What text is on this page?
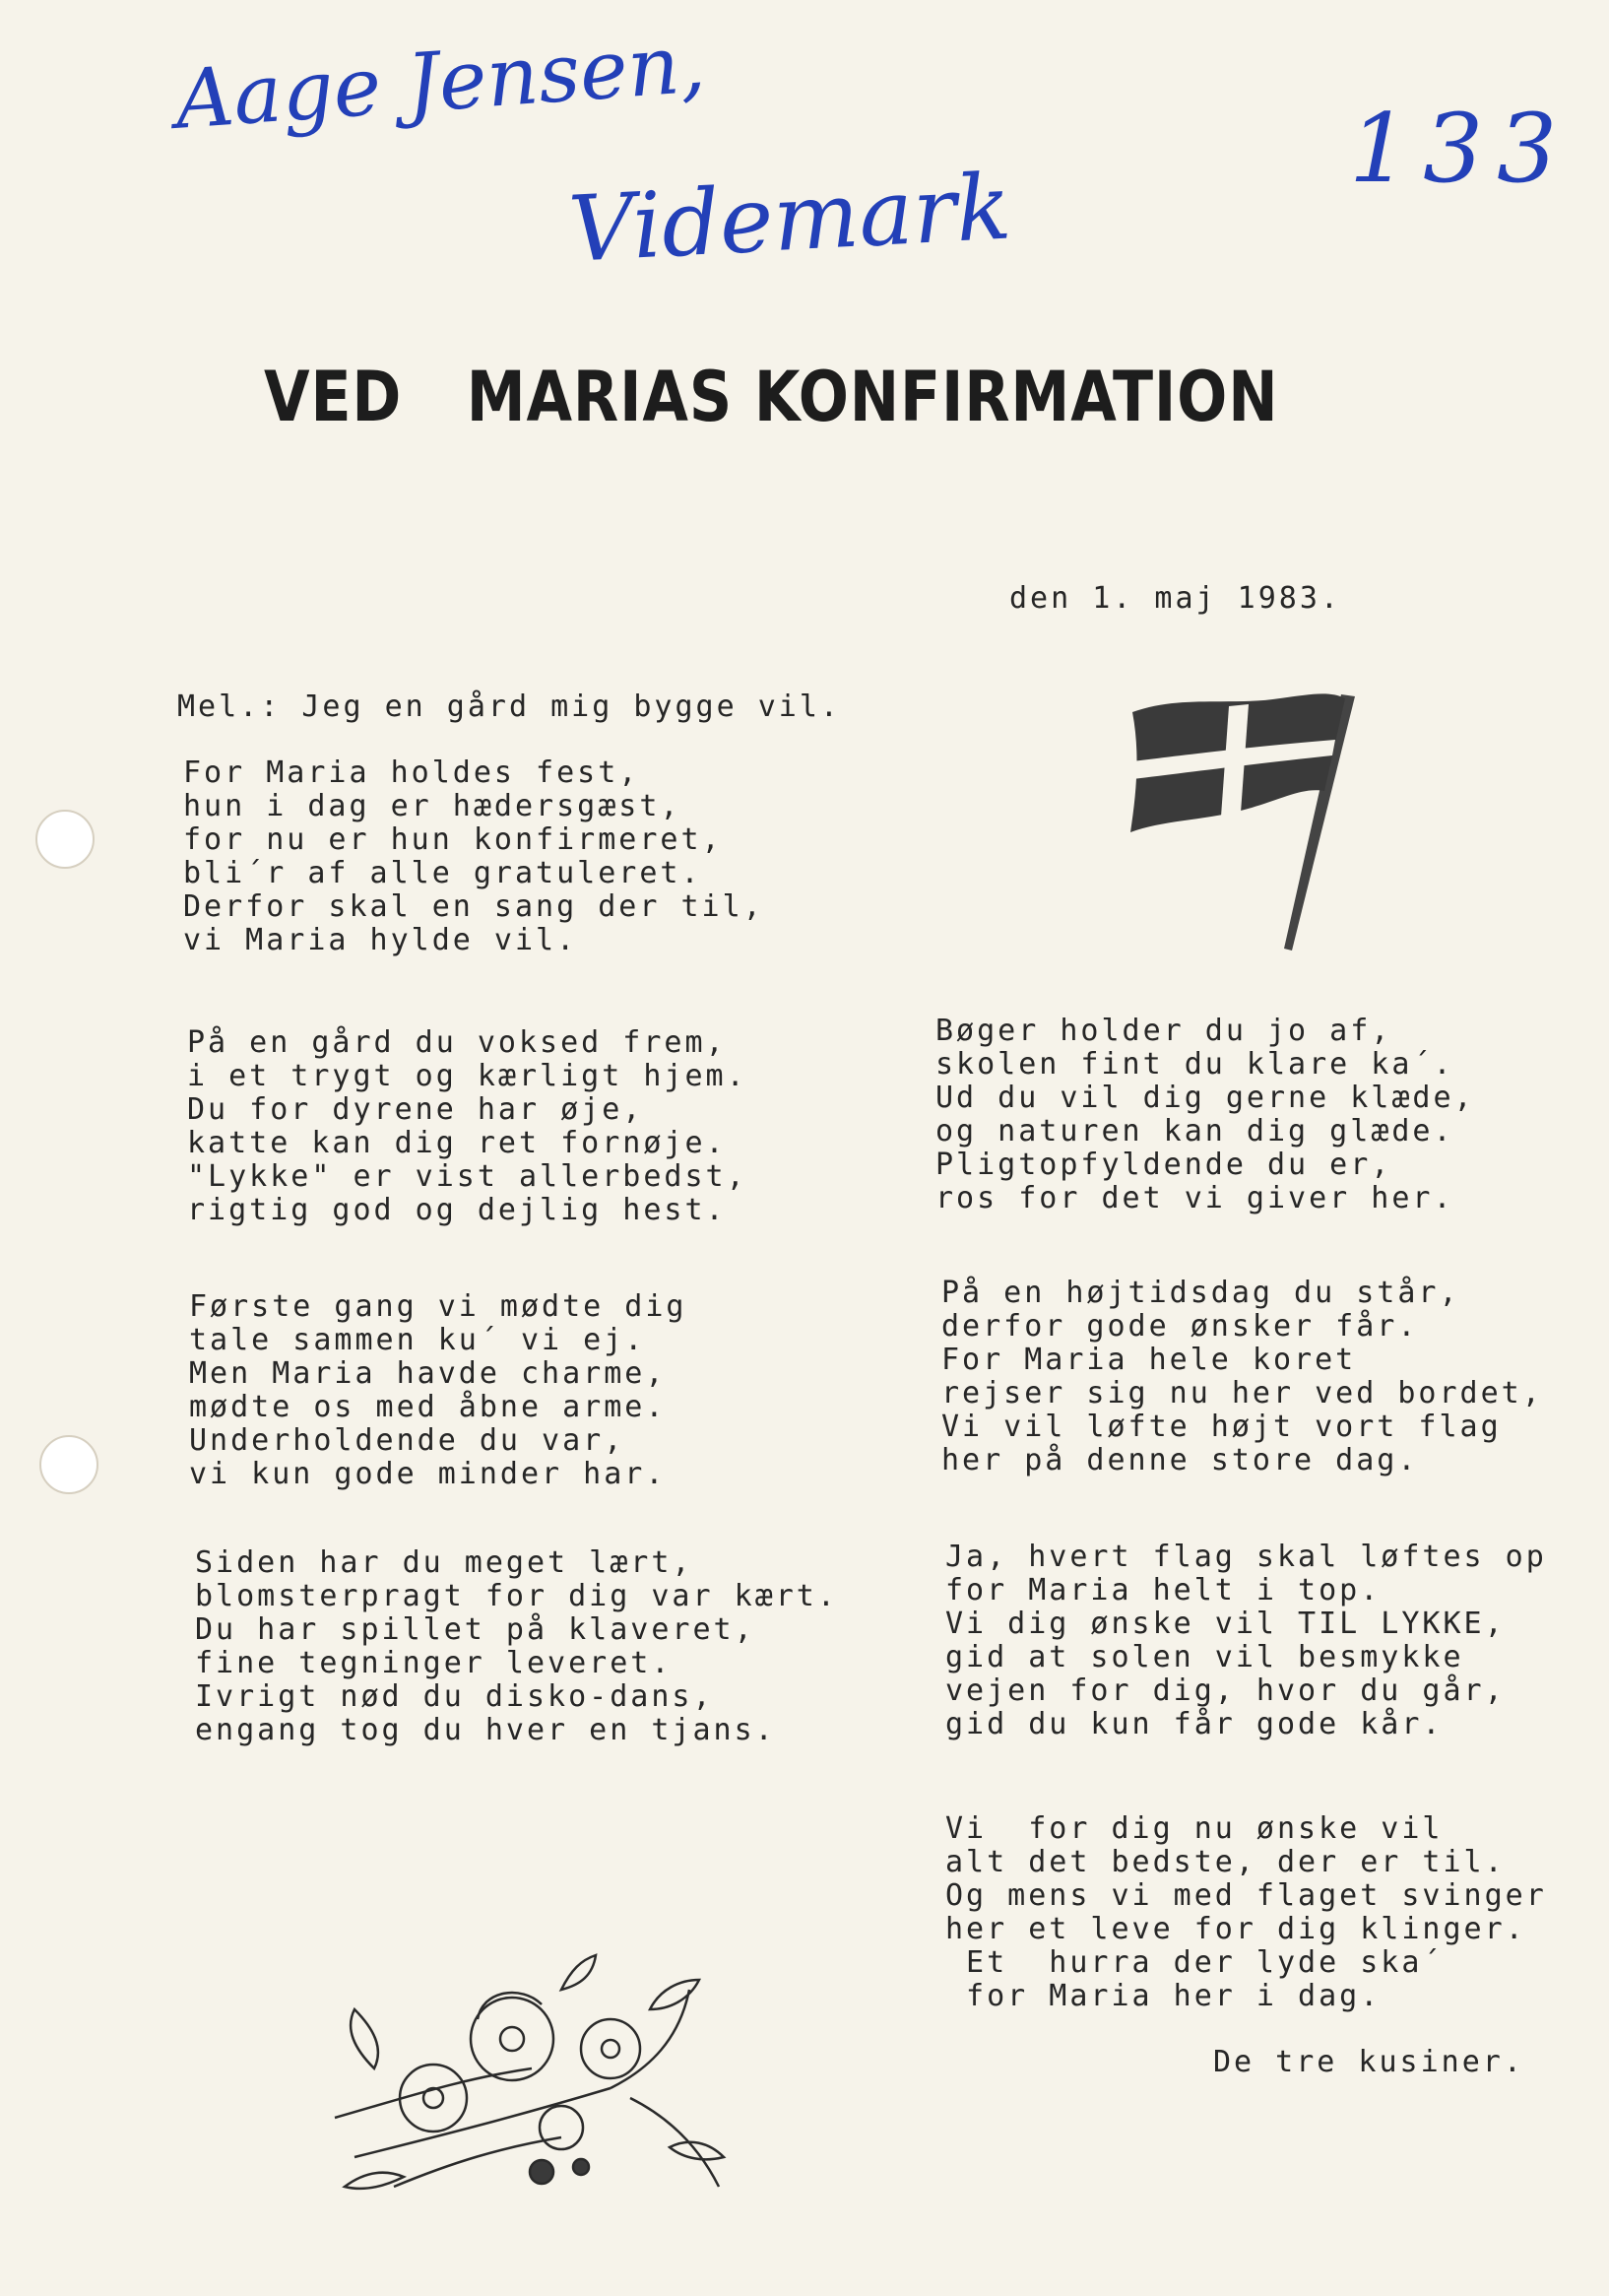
Aage Jensen,
Videmark
133
VED   MARIAS KONFIRMATION
den 1. maj 1983.
Mel.: Jeg en gård mig bygge vil.
For Maria holdes fest,
hun i dag er hædersgæst,
for nu er hun konfirmeret,
bli´r af alle gratuleret.
Derfor skal en sang der til,
vi Maria hylde vil.
På en gård du voksed frem,
i et trygt og kærligt hjem.
Du for dyrene har øje,
katte kan dig ret fornøje.
"Lykke" er vist allerbedst,
rigtig god og dejlig hest.
Første gang vi mødte dig
tale sammen ku´ vi ej.
Men Maria havde charme,
mødte os med åbne arme.
Underholdende du var,
vi kun gode minder har.
Siden har du meget lært,
blomsterpragt for dig var kært.
Du har spillet på klaveret,
fine tegninger leveret.
Ivrigt nød du disko-dans,
engang tog du hver en tjans.
Bøger holder du jo af,
skolen fint du klare ka´.
Ud du vil dig gerne klæde,
og naturen kan dig glæde.
Pligtopfyldende du er,
ros for det vi giver her.
På en højtidsdag du står,
derfor gode ønsker får.
For Maria hele koret
rejser sig nu her ved bordet,
Vi vil løfte højt vort flag
her på denne store dag.
Ja, hvert flag skal løftes op
for Maria helt i top.
Vi dig ønske vil TIL LYKKE,
gid at solen vil besmykke
vejen for dig, hvor du går,
gid du kun får gode kår.
Vi  for dig nu ønske vil
alt det bedste, der er til.
Og mens vi med flaget svinger
her et leve for dig klinger.
Et  hurra der lyde ska´
for Maria her i dag.
De tre kusiner.
